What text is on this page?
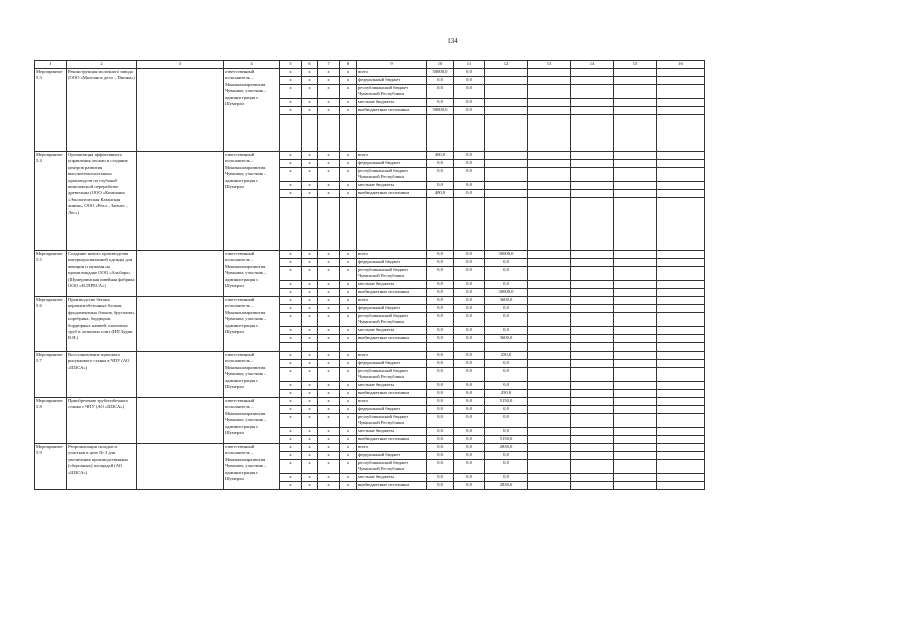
134
1	2	3	4	5	6	7	8	9	10	11	12	13	14	15	16
Мероприятие 5.3	Реконструкция молочного завода (ООО «Молочное дело – Пишка»)		ответственный исполнитель – Минэкономразвития Чувашии; участник – администрация г. Шумерли	x	x	x	x	всего	50000,0	0,0					
				x	x	x	x	федеральный бюджет	0,0	0,0					
				x	x	x	x	республиканский бюджет Чувашской Республики	0,0	0,0					
				x	x	x	x	местные бюджеты	0,0	0,0					
				x	x	x	x	внебюджетные источники	50000,0	0,0					

Мероприятие 5.4	Организация эффективного управления лесами и создание центров развития высокотехнологичных производств по глубокой комплексной переработке древесины (ООО «Компания «Экологическая Казанская линия», ООО «Реал – Бизнес – Лес»)		ответственный исполнитель – Минэкономразвития Чувашии; участник – администрация г. Шумерли	x	x	x	x	всего	400,0	0,0					
				x	x	x	x	федеральный бюджет	0,0	0,0					
				x	x	x	x	республиканский бюджет Чувашской Республики	0,0	0,0					
				x	x	x	x	местные бюджеты	0,0	0,0					
				x	x	x	x	внебюджетные источники	400,0	0,0					

Мероприятие 5.5	Создание нового производства интерьеросвязанной одежды для женщин и мужчин на промплощадке ООО «Альбаро» (Шумерлинская швейная фабрика ООО «ЕСПРЕСА»)		ответственный исполнитель – Минэкономразвития Чувашии; участник – администрация г. Шумерли	x	x	x	x	всего	0,0	0,0	30000,0				
				x	x	x	x	федеральный бюджет	0,0	0,0	0,0				
				x	x	x	x	республиканский бюджет Чувашской Республики	0,0	0,0	0,0				
				x	x	x	x	местные бюджеты	0,0	0,0	0,0				
				x	x	x	x	внебюджетные источники	0,0	0,0	30000,0				
Мероприятие 5.6	Производство бетона, керамзитобетонных блоков, фундаментных блоков, брусчатки, поребрика, бордюров, бордюрных камней, шахтовых труб и лотковых плит (ИП Зудин В.Н.)		ответственный исполнитель – Минэкономразвития Чувашии; участник – администрация г. Шумерли	x	x	x	x	всего	0,0	0,0	3600,0				
				x	x	x	x	федеральный бюджет	0,0	0,0	0,0				
				x	x	x	x	республиканский бюджет Чувашской Республики	0,0	0,0	0,0				
				x	x	x	x	местные бюджеты	0,0	0,0	0,0				
				x	x	x	x	внебюджетные источники	0,0	0,0	3600,0				

Мероприятие 5.7	Восстановление щипового рисункового станка в ЧПУ (АО «ШЗСА»)		ответственный исполнитель – Минэкономразвития Чувашии; участник – администрация г. Шумерли	x	x	x	x	всего	0,0	0,0	250,0				
				x	x	x	x	федеральный бюджет	0,0	0,0	0,0				
				x	x	x	x	республиканский бюджет Чувашской Республики	0,0	0,0	0,0				
				x	x	x	x	местные бюджеты	0,0	0,0	0,0				
				x	x	x	x	внебюджетные источники	0,0	0,0	250,0				
Мероприятие 5.8	Приобретение трубогибочного станка с ЧПУ (АО «ШЗСА»)		ответственный исполнитель – Минэкономразвития Чувашии; участник – администрация г. Шумерли	x	x	x	x	всего	0,0	0,0	5150,0				
				x	x	x	x	федеральный бюджет	0,0	0,0	0,0				
				x	x	x	x	республиканский бюджет Чувашской Республики	0,0	0,0	0,0				
				x	x	x	x	местные бюджеты	0,0	0,0	0,0				
				x	x	x	x	внебюджетные источники	0,0	0,0	5150,0				
Мероприятие 5.9	Реорганизация складов и участков в цехе № 3 для увеличения производственных (сборочных) площадей (АО «ШЗСА»)		ответственный исполнитель – Минэкономразвития Чувашии; участник – администрация г. Шумерли	x	x	x	x	всего	0,0	0,0	2830,0				
				x	x	x	x	федеральный бюджет	0,0	0,0	0,0				
				x	x	x	x	республиканский бюджет Чувашской Республики	0,0	0,0	0,0				
				x	x	x	x	местные бюджеты	0,0	0,0	0,0				
				x	x	x	x	внебюджетные источники	0,0	0,0	2830,0				
